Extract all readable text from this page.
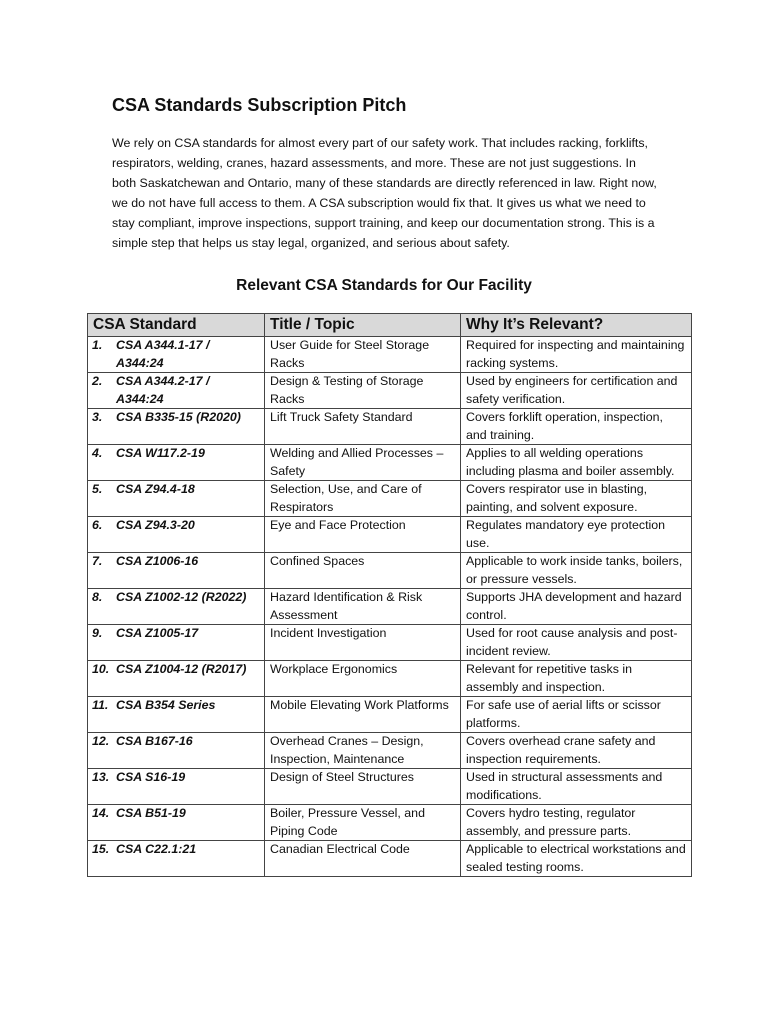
CSA Standards Subscription Pitch

We rely on CSA standards for almost every part of our safety work. That includes racking, forklifts, respirators, welding, cranes, hazard assessments, and more. These are not just suggestions. In both Saskatchewan and Ontario, many of these standards are directly referenced in law. Right now, we do not have full access to them. A CSA subscription would fix that. It gives us what we need to stay compliant, improve inspections, support training, and keep our documentation strong. This is a simple step that helps us stay legal, organized, and serious about safety.

Relevant CSA Standards for Our Facility
CSA Standard	Title / Topic	Why It’s Relevant?
1. CSA A344.1-17 / A344:24	User Guide for Steel Storage Racks	Required for inspecting and maintaining racking systems.
2. CSA A344.2-17 / A344:24	Design & Testing of Storage Racks	Used by engineers for certification and safety verification.
3. CSA B335-15 (R2020)	Lift Truck Safety Standard	Covers forklift operation, inspection, and training.
4. CSA W117.2-19	Welding and Allied Processes – Safety	Applies to all welding operations including plasma and boiler assembly.
5. CSA Z94.4-18	Selection, Use, and Care of Respirators	Covers respirator use in blasting, painting, and solvent exposure.
6. CSA Z94.3-20	Eye and Face Protection	Regulates mandatory eye protection use.
7. CSA Z1006-16	Confined Spaces	Applicable to work inside tanks, boilers, or pressure vessels.
8. CSA Z1002-12 (R2022)	Hazard Identification & Risk Assessment	Supports JHA development and hazard control.
9. CSA Z1005-17	Incident Investigation	Used for root cause analysis and post-incident review.
10. CSA Z1004-12 (R2017)	Workplace Ergonomics	Relevant for repetitive tasks in assembly and inspection.
11. CSA B354 Series	Mobile Elevating Work Platforms	For safe use of aerial lifts or scissor platforms.
12. CSA B167-16	Overhead Cranes – Design, Inspection, Maintenance	Covers overhead crane safety and inspection requirements.
13. CSA S16-19	Design of Steel Structures	Used in structural assessments and modifications.
14. CSA B51-19	Boiler, Pressure Vessel, and Piping Code	Covers hydro testing, regulator assembly, and pressure parts.
15. CSA C22.1:21	Canadian Electrical Code	Applicable to electrical workstations and sealed testing rooms.
